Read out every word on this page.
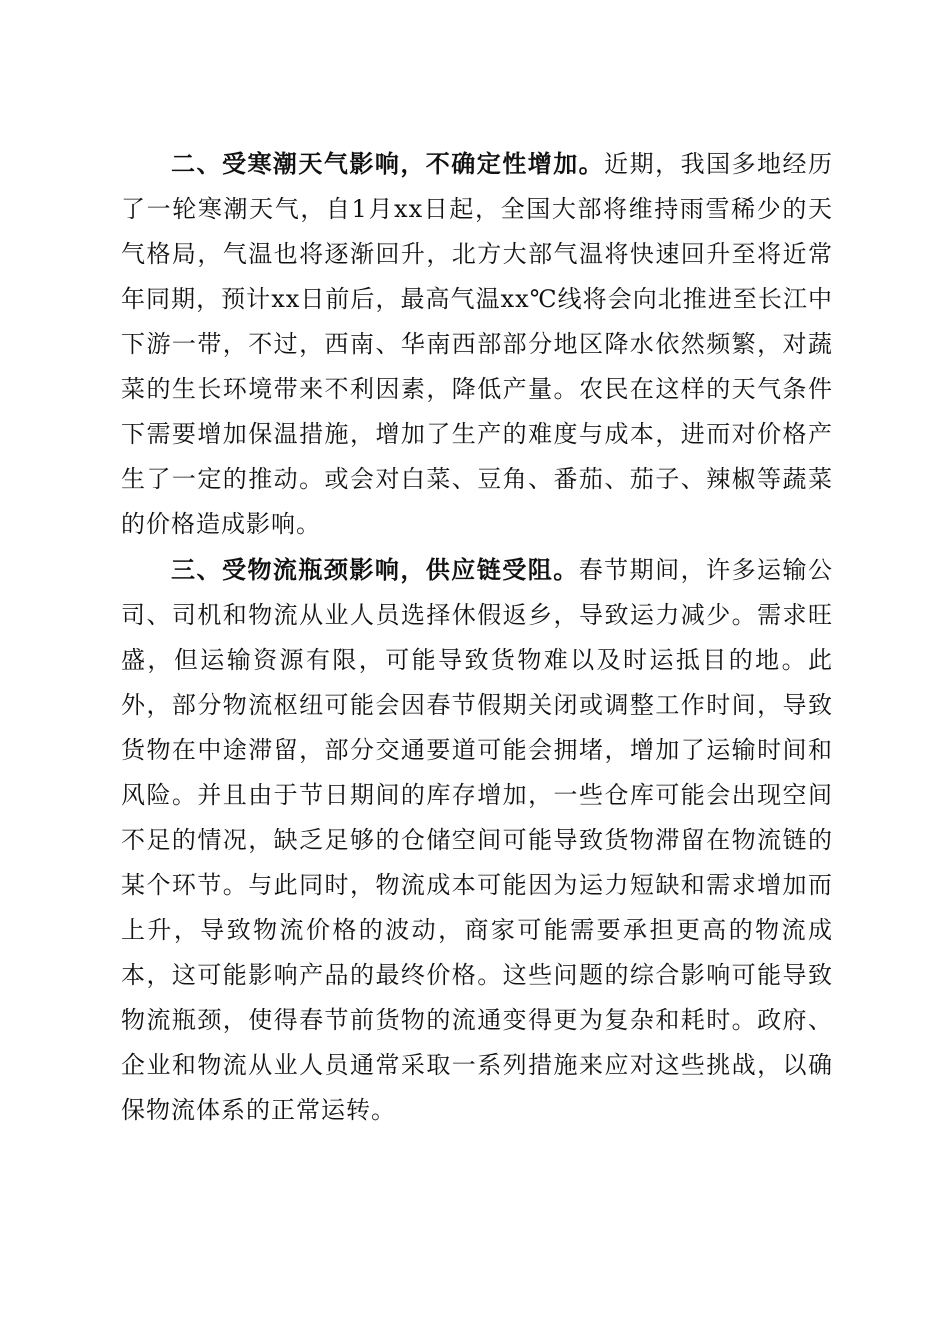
二、受寒潮天气影响，不确定性增加。近期，我国多地经历了一轮寒潮天气，自1月xx日起，全国大部将维持雨雪稀少的天气格局，气温也将逐渐回升，北方大部气温将快速回升至将近常年同期，预计xx日前后，最高气温xx℃线将会向北推进至长江中下游一带，不过，西南、华南西部部分地区降水依然频繁，对蔬菜的生长环境带来不利因素，降低产量。农民在这样的天气条件下需要增加保温措施，增加了生产的难度与成本，进而对价格产生了一定的推动。或会对白菜、豆角、番茄、茄子、辣椒等蔬菜的价格造成影响。

三、受物流瓶颈影响，供应链受阻。春节期间，许多运输公司、司机和物流从业人员选择休假返乡，导致运力减少。需求旺盛，但运输资源有限，可能导致货物难以及时运抵目的地。此外，部分物流枢纽可能会因春节假期关闭或调整工作时间，导致货物在中途滞留，部分交通要道可能会拥堵，增加了运输时间和风险。并且由于节日期间的库存增加，一些仓库可能会出现空间不足的情况，缺乏足够的仓储空间可能导致货物滞留在物流链的某个环节。与此同时，物流成本可能因为运力短缺和需求增加而上升，导致物流价格的波动，商家可能需要承担更高的物流成本，这可能影响产品的最终价格。这些问题的综合影响可能导致物流瓶颈，使得春节前货物的流通变得更为复杂和耗时。政府、企业和物流从业人员通常采取一系列措施来应对这些挑战，以确保物流体系的正常运转。
